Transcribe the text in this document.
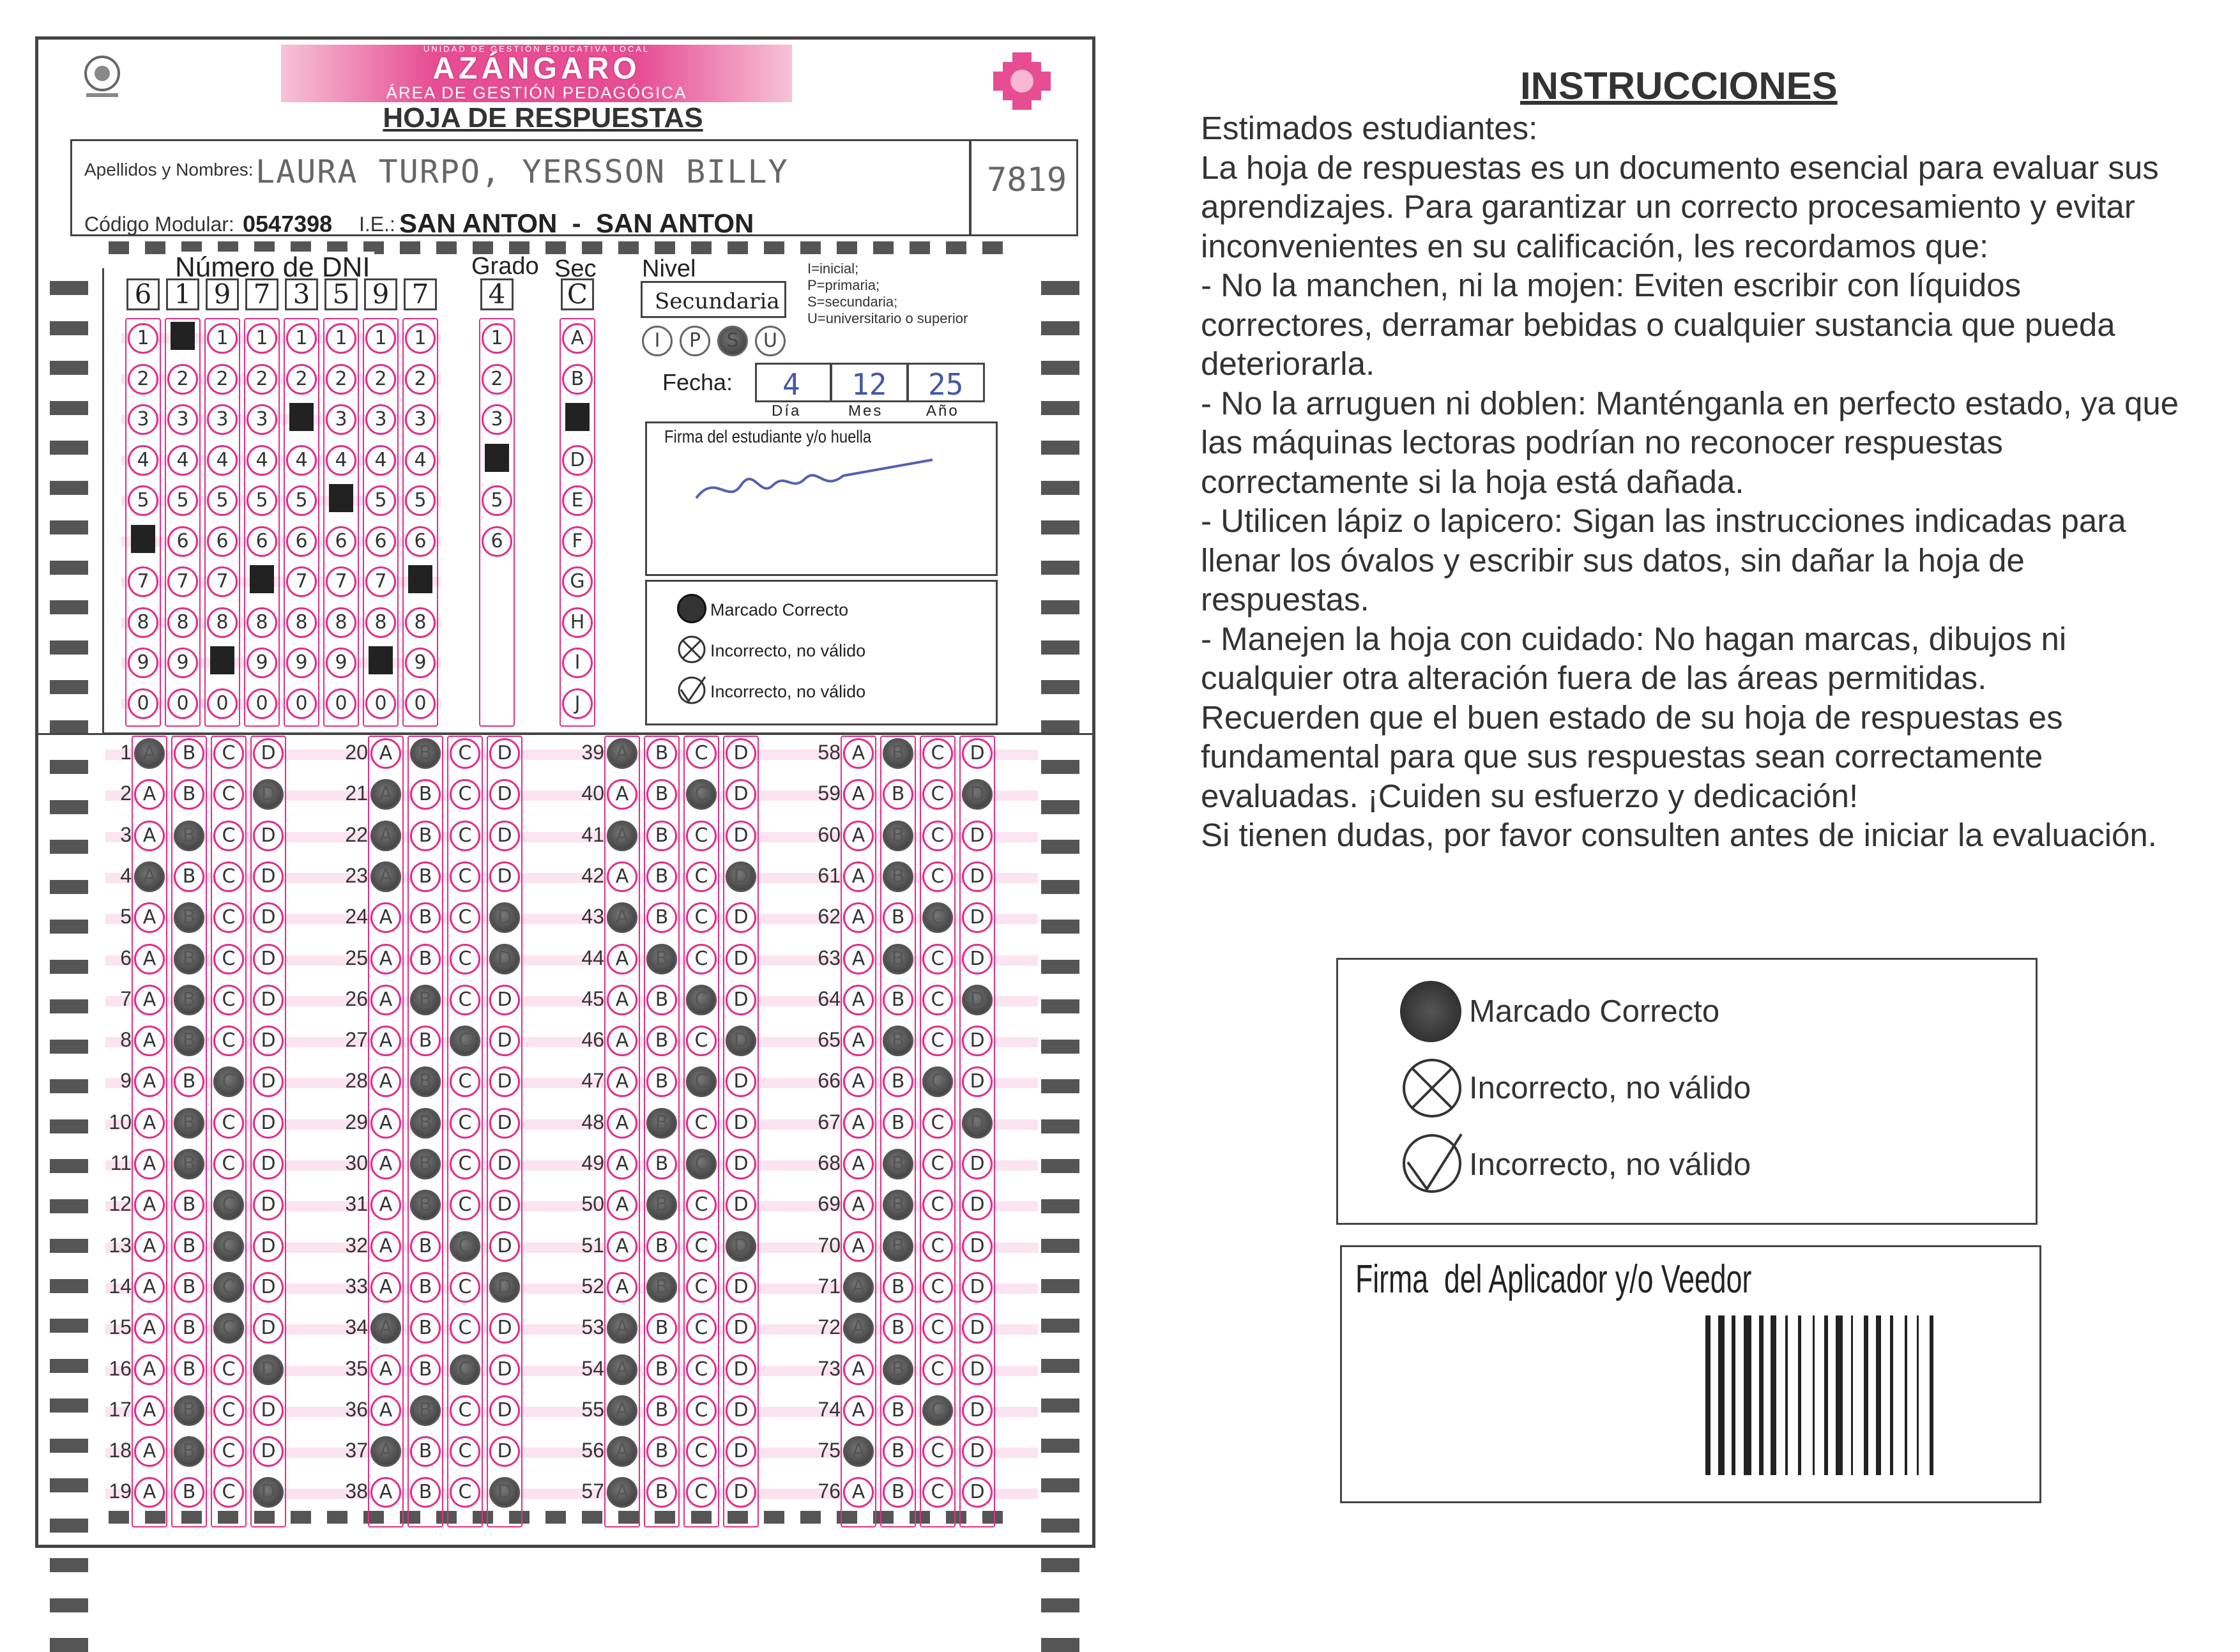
UNIDAD DE GESTIÓN EDUCATIVA LOCAL
AZÁNGARO
ÁREA DE GESTIÓN PEDAGÓGICA
HOJA DE RESPUESTAS
Apellidos y Nombres: LAURA TURPO, YERSSON BILLY	7819
Código Modular: 0547398 I.E.: SAN ANTON  -  SAN ANTON
Número de DNI
6
1
2
3
4
5
7
8
9
0
1
2
3
4
5
6
7
8
9
0
9
1
2
3
4
5
6
7
8
0
7
1
2
3
4
5
6
8
9
0
3
1
2
4
5
6
7
8
9
0
5
1
2
3
4
6
7
8
9
0
9
1
2
3
4
5
6
7
8
0
7
1
2
3
4
5
6
8
9
0
4
1
2
3
5
6
C
A
B
D
E
F
G
H
I
J
Grado Sec Nivel
Secundaria
I=inicial;
P=primaria;
S=secundaria;
U=universitario o superior
I	P	S	U
Fecha: 4 12 25
Día	Mes	Año
Firma del estudiante y/o huella
Marcado Correcto
Incorrecto, no válido
Incorrecto, no válido
1 A	B	C	D
2 A	B	C	D
3 A	B	C	D
4 A	B	C	D
5 A	B	C	D
6 A	B	C	D
7 A	B	C	D
8 A	B	C	D
9 A	B	C	D
10 A	B	C	D
11 A	B	C	D
12 A	B	C	D
13 A	B	C	D
14 A	B	C	D
15 A	B	C	D
16 A	B	C	D
17 A	B	C	D
18 A	B	C	D
19 A	B	C	D
20 A	B	C	D
21 A	B	C	D
22 A	B	C	D
23 A	B	C	D
24 A	B	C	D
25 A	B	C	D
26 A	B	C	D
27 A	B	C	D
28 A	B	C	D
29 A	B	C	D
30 A	B	C	D
31 A	B	C	D
32 A	B	C	D
33 A	B	C	D
34 A	B	C	D
35 A	B	C	D
36 A	B	C	D
37 A	B	C	D
38 A	B	C	D
39 A	B	C	D
40 A	B	C	D
41 A	B	C	D
42 A	B	C	D
43 A	B	C	D
44 A	B	C	D
45 A	B	C	D
46 A	B	C	D
47 A	B	C	D
48 A	B	C	D
49 A	B	C	D
50 A	B	C	D
51 A	B	C	D
52 A	B	C	D
53 A	B	C	D
54 A	B	C	D
55 A	B	C	D
56 A	B	C	D
57 A	B	C	D
58 A	B	C	D
59 A	B	C	D
60 A	B	C	D
61 A	B	C	D
62 A	B	C	D
63 A	B	C	D
64 A	B	C	D
65 A	B	C	D
66 A	B	C	D
67 A	B	C	D
68 A	B	C	D
69 A	B	C	D
70 A	B	C	D
71 A	B	C	D
72 A	B	C	D
73 A	B	C	D
74 A	B	C	D
75 A	B	C	D
76 A	B	C	D
INSTRUCCIONES

Estimados estudiantes:

La hoja de respuestas es un documento esencial para evaluar sus aprendizajes. Para garantizar un correcto procesamiento y evitar inconvenientes en su calificación, les recordamos que:

- No la manchen, ni la mojen: Eviten escribir con líquidos correctores, derramar bebidas o cualquier sustancia que pueda deteriorarla.

- No la arruguen ni doblen: Manténganla en perfecto estado, ya que las máquinas lectoras podrían no reconocer respuestas correctamente si la hoja está dañada.

- Utilicen lápiz o lapicero: Sigan las instrucciones indicadas para llenar los óvalos y escribir sus datos, sin dañar la hoja de respuestas.

- Manejen la hoja con cuidado: No hagan marcas, dibujos ni cualquier otra alteración fuera de las áreas permitidas.

Recuerden que el buen estado de su hoja de respuestas es fundamental para que sus respuestas sean correctamente evaluadas. ¡Cuiden su esfuerzo y dedicación!

Si tienen dudas, por favor consulten antes de iniciar la evaluación.

Marcado Correcto
Incorrecto, no válido
Incorrecto, no válido
Firma  del Aplicador y/o Veedor
